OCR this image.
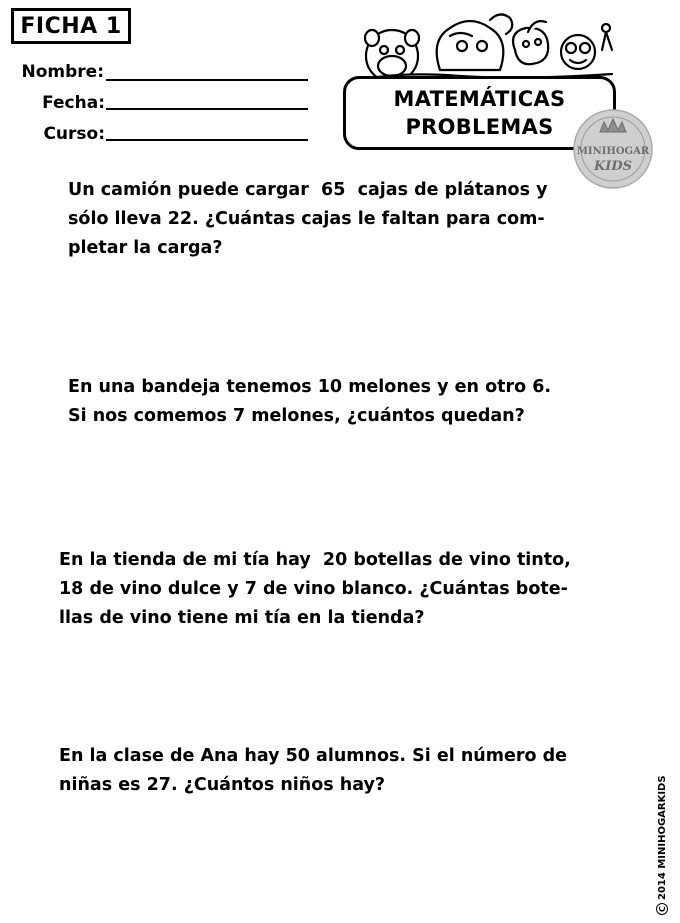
FICHA 1
Nombre:
Fecha:
Curso:
MATEMÁTICAS
PROBLEMAS
MINIHOGAR
KIDS
Un camión puede cargar  65  cajas de plátanos y
sólo lleva 22. ¿Cuántas cajas le faltan para com-
pletar la carga?
En una bandeja tenemos 10 melones y en otro 6.
Si nos comemos 7 melones, ¿cuántos quedan?
En la tienda de mi tía hay  20 botellas de vino tinto,
18 de vino dulce y 7 de vino blanco. ¿Cuántas bote-
llas de vino tiene mi tía en la tienda?
En la clase de Ana hay 50 alumnos. Si el número de
niñas es 27. ¿Cuántos niños hay?
C
2014 MINIHOGARKIDS
